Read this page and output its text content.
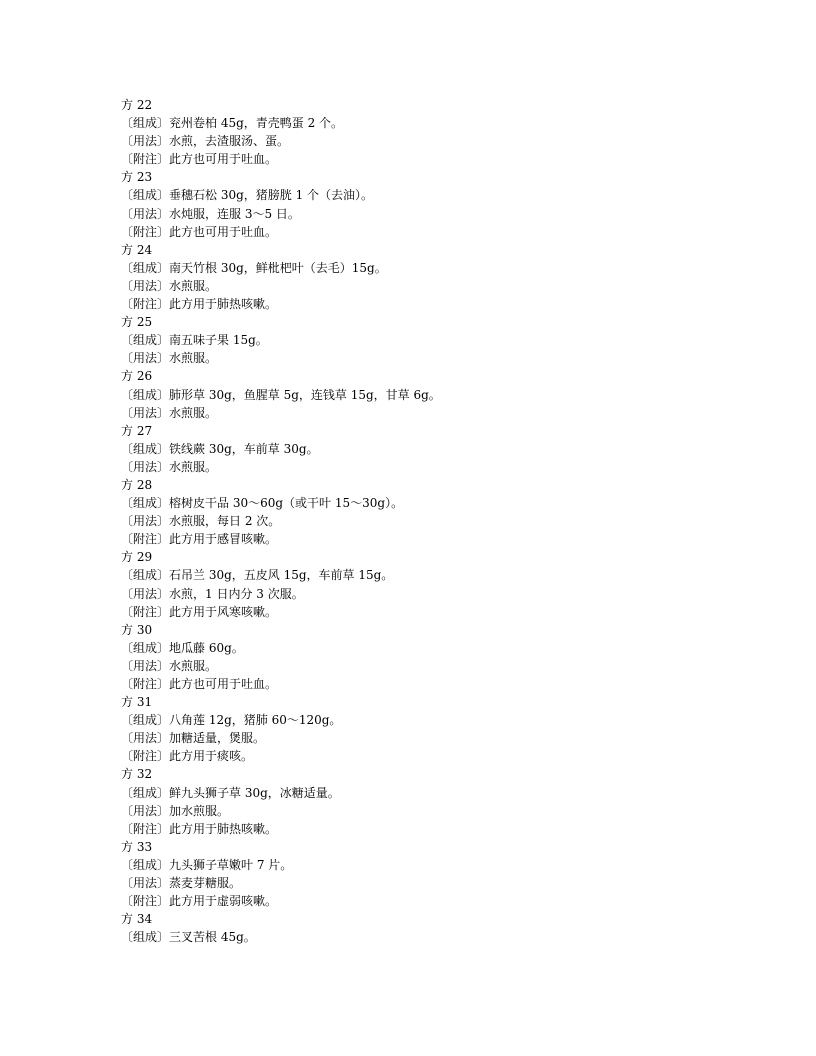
方 22

〔组成〕兖州卷柏 45g，青壳鸭蛋 2 个。

〔用法〕水煎，去渣服汤、蛋。

〔附注〕此方也可用于吐血。

方 23

〔组成〕垂穗石松 30g，猪膀胱 1 个（去油）。

〔用法〕水炖服，连服 3～5 日。

〔附注〕此方也可用于吐血。

方 24

〔组成〕南天竹根 30g，鲜枇杷叶（去毛）15g。

〔用法〕水煎服。

〔附注〕此方用于肺热咳嗽。

方 25

〔组成〕南五味子果 15g。

〔用法〕水煎服。

方 26

〔组成〕肺形草 30g，鱼腥草 5g，连钱草 15g，甘草 6g。

〔用法〕水煎服。

方 27

〔组成〕铁线蕨 30g，车前草 30g。

〔用法〕水煎服。

方 28

〔组成〕榕树皮干品 30～60g（或干叶 15～30g）。

〔用法〕水煎服，每日 2 次。

〔附注〕此方用于感冒咳嗽。

方 29

〔组成〕石吊兰 30g，五皮风 15g，车前草 15g。

〔用法〕水煎，1 日内分 3 次服。

〔附注〕此方用于风寒咳嗽。

方 30

〔组成〕地瓜藤 60g。

〔用法〕水煎服。

〔附注〕此方也可用于吐血。

方 31

〔组成〕八角莲 12g，猪肺 60～120g。

〔用法〕加糖适量，煲服。

〔附注〕此方用于痰咳。

方 32

〔组成〕鲜九头狮子草 30g，冰糖适量。

〔用法〕加水煎服。

〔附注〕此方用于肺热咳嗽。

方 33

〔组成〕九头狮子草嫩叶 7 片。

〔用法〕蒸麦芽糖服。

〔附注〕此方用于虚弱咳嗽。

方 34

〔组成〕三叉苦根 45g。
